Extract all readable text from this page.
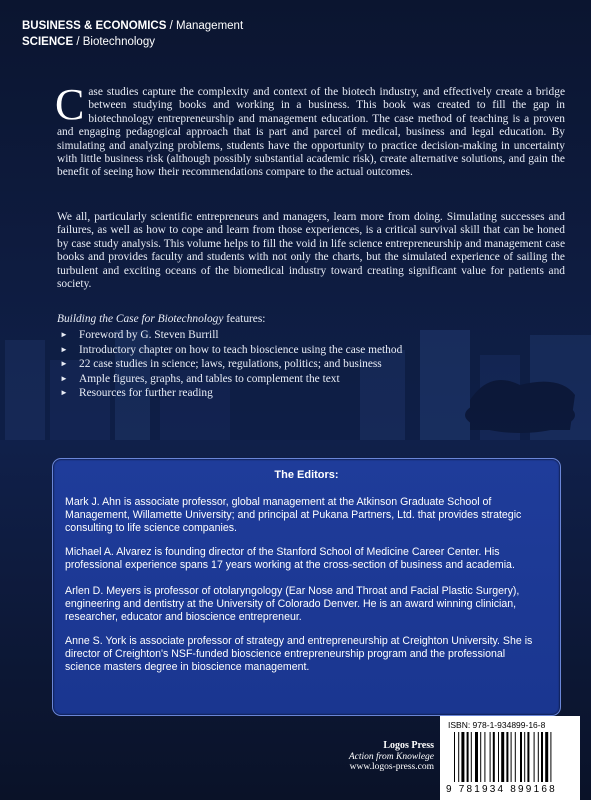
BUSINESS & ECONOMICS / Management
SCIENCE / Biotechnology
Case studies capture the complexity and context of the biotech industry, and effectively create a bridge between studying books and working in a business. This book was created to fill the gap in biotechnology entrepreneurship and management education. The case method of teaching is a proven and engaging pedagogical approach that is part and parcel of medical, business and legal education. By simulating and analyzing problems, students have the opportunity to practice decision-making in uncertainty with little business risk (although possibly substantial academic risk), create alternative solutions, and gain the benefit of seeing how their recommendations compare to the actual outcomes.
We all, particularly scientific entrepreneurs and managers, learn more from doing. Simulating successes and failures, as well as how to cope and learn from those experiences, is a critical survival skill that can be honed by case study analysis. This volume helps to fill the void in life science entrepreneurship and management case books and provides faculty and students with not only the charts, but the simulated experience of sailing the turbulent and exciting oceans of the biomedical industry toward creating significant value for patients and society.
Building the Case for Biotechnology features:
► Foreword by G. Steven Burrill
► Introductory chapter on how to teach bioscience using the case method
► 22 case studies in science; laws, regulations, politics; and business
► Ample figures, graphs, and tables to complement the text
► Resources for further reading
The Editors:
Mark J. Ahn is associate professor, global management at the Atkinson Graduate School of Management, Willamette University; and principal at Pukana Partners, Ltd. that provides strategic consulting to life science companies.
Michael A. Alvarez is founding director of the Stanford School of Medicine Career Center. His professional experience spans 17 years working at the cross-section of business and academia.
Arlen D. Meyers is professor of otolaryngology (Ear Nose and Throat and Facial Plastic Surgery), engineering and dentistry at the University of Colorado Denver. He is an award winning clinician, researcher, educator and bioscience entrepreneur.
Anne S. York is associate professor of strategy and entrepreneurship at Creighton University. She is director of Creighton's NSF-funded bioscience entrepreneurship program and the professional science masters degree in bioscience management.
Logos Press
Action from Knowlege
www.logos-press.com
ISBN: 978-1-934899-16-8
9 781934 899168
